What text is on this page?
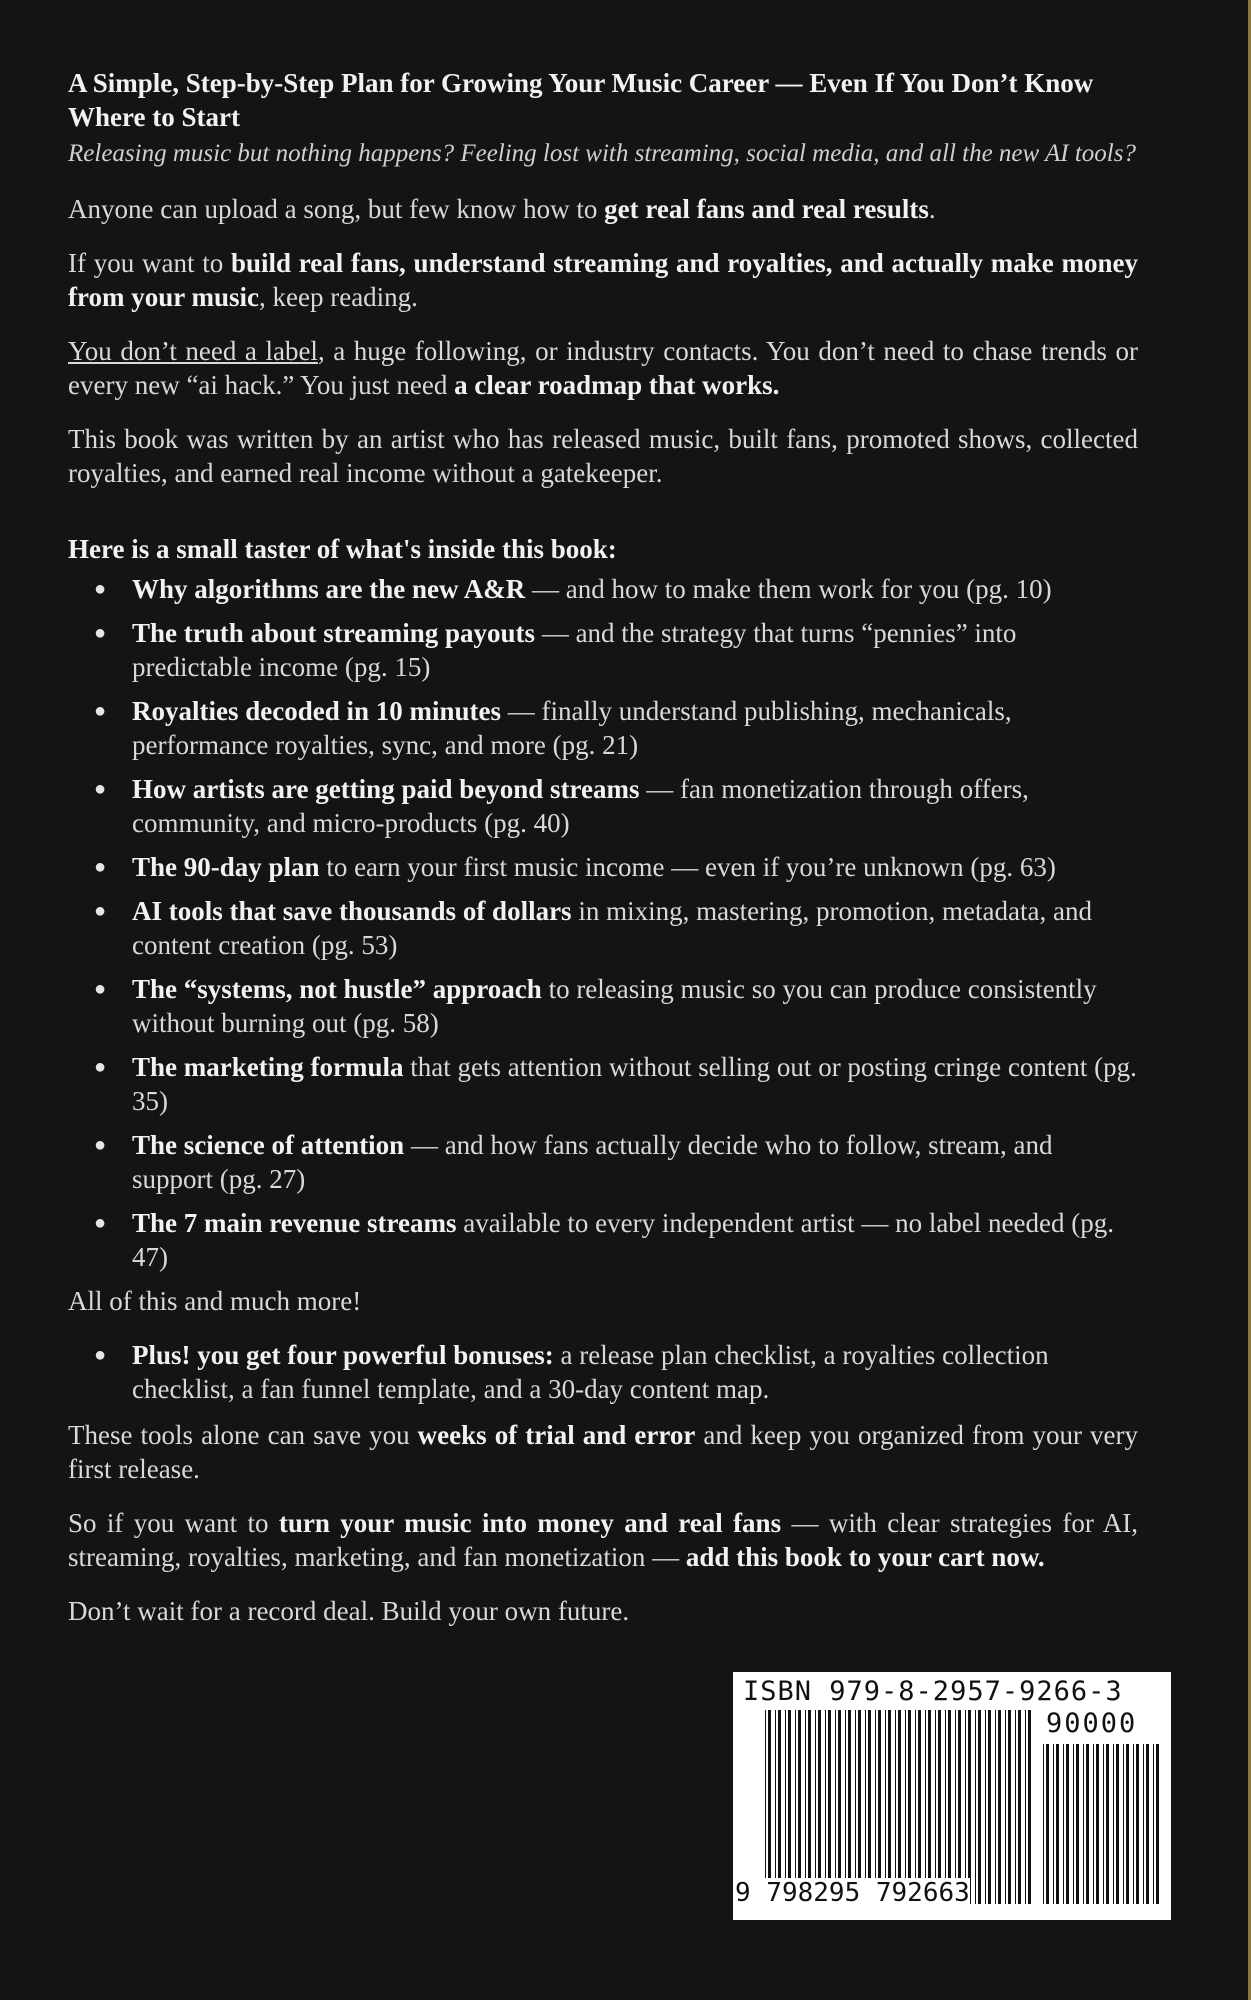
A Simple, Step-by-Step Plan for Growing Your Music Career — Even If You Don’t Know Where to Start

Releasing music but nothing happens? Feeling lost with streaming, social media, and all the new AI tools?

Anyone can upload a song, but few know how to get real fans and real results.

If you want to build real fans, understand streaming and royalties, and actually make money from your music, keep reading.

You don’t need a label, a huge following, or industry contacts. You don’t need to chase trends or every new “ai hack.” You just need a clear roadmap that works.

This book was written by an artist who has released music, built fans, promoted shows, collected royalties, and earned real income without a gatekeeper.

Here is a small taster of what's inside this book:

● Why algorithms are the new A&R — and how to make them work for you (pg. 10)
● The truth about streaming payouts — and the strategy that turns “pennies” into predictable income (pg. 15)
● Royalties decoded in 10 minutes — finally understand publishing, mechanicals, performance royalties, sync, and more (pg. 21)
● How artists are getting paid beyond streams — fan monetization through offers, community, and micro-products (pg. 40)
● The 90-day plan to earn your first music income — even if you’re unknown (pg. 63)
● AI tools that save thousands of dollars in mixing, mastering, promotion, metadata, and content creation (pg. 53)
● The “systems, not hustle” approach to releasing music so you can produce consistently without burning out (pg. 58)
● The marketing formula that gets attention without selling out or posting cringe content (pg. 35)
● The science of attention — and how fans actually decide who to follow, stream, and support (pg. 27)
● The 7 main revenue streams available to every independent artist — no label needed (pg. 47)

All of this and much more!

● Plus! you get four powerful bonuses: a release plan checklist, a royalties collection checklist, a fan funnel template, and a 30-day content map.

These tools alone can save you weeks of trial and error and keep you organized from your very first release.

So if you want to turn your music into money and real fans — with clear strategies for AI, streaming, royalties, marketing, and fan monetization — add this book to your cart now.

Don’t wait for a record deal. Build your own future.

ISBN 979-8-2957-9266-3
90000
9 798295 792663
